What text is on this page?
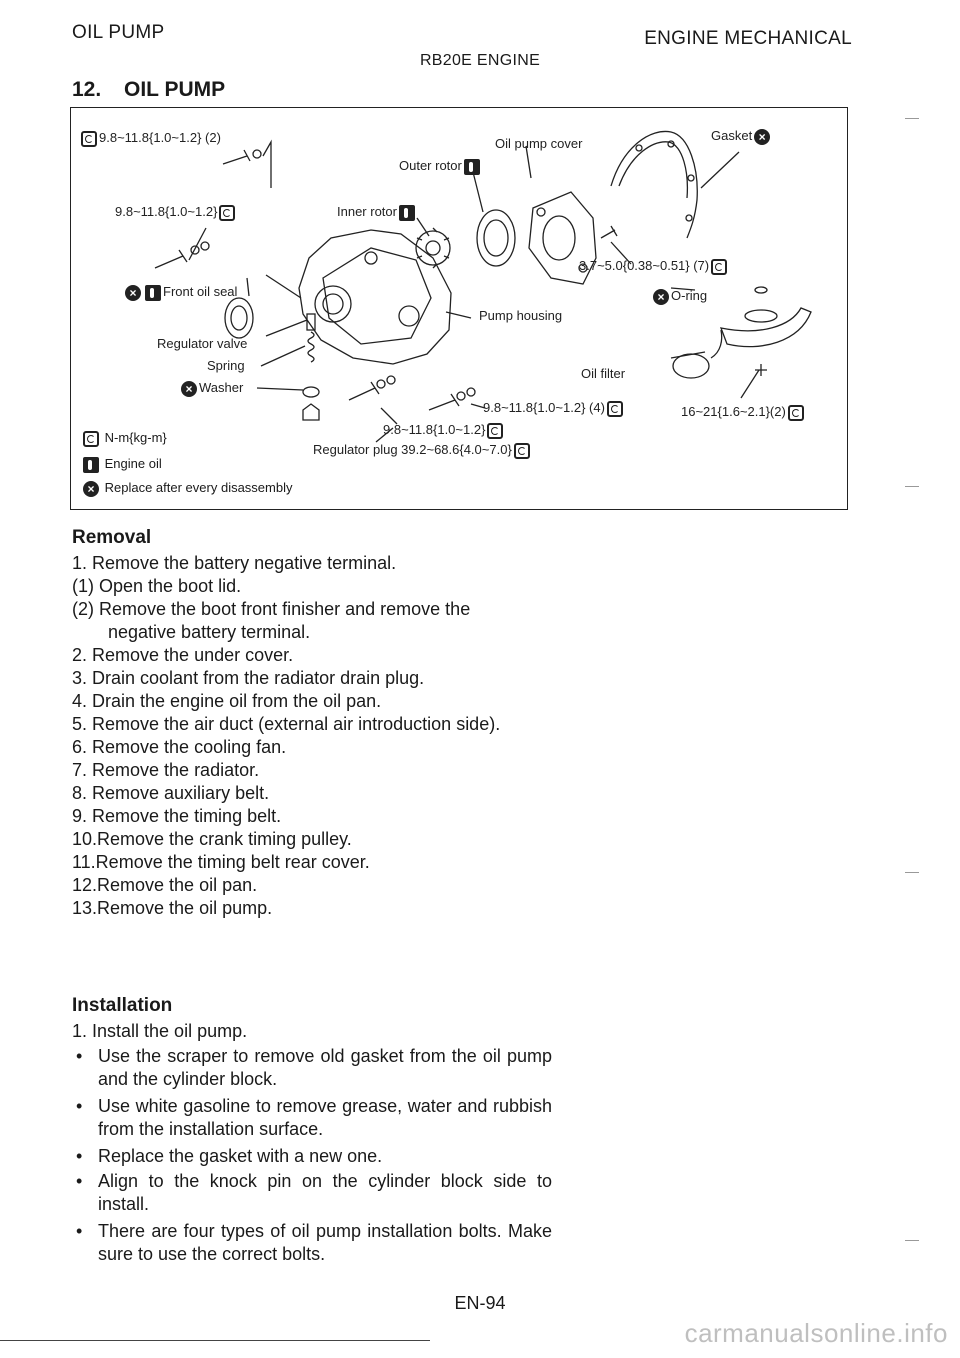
OIL PUMP	ENGINE MECHANICAL
RB20E ENGINE
12. OIL PUMP
9.8~11.8{1.0~1.2} (2)
9.8~11.8{1.0~1.2}
× Front oil seal
Regulator valve
Spring
× Washer
Inner rotor
Outer rotor
Oil pump cover
Gasket ×
3.7~5.0{0.38~0.51} (7)
× O-ring
Pump housing
Oil filter
9.8~11.8{1.0~1.2} (4)
9.8~11.8{1.0~1.2}
16~21{1.6~2.1}(2)
Regulator plug 39.2~68.6{4.0~7.0}
N-m{kg-m}
Engine oil
× Replace after every disassembly
Removal
1. Remove the battery negative terminal.
(1) Open the boot lid.
(2) Remove the boot front finisher and remove the
negative battery terminal.
2. Remove the under cover.
3. Drain coolant from the radiator drain plug.
4. Drain the engine oil from the oil pan.
5. Remove the air duct (external air introduction side).
6. Remove the cooling fan.
7. Remove the radiator.
8. Remove auxiliary belt.
9. Remove the timing belt.
10.Remove the crank timing pulley.
11.Remove the timing belt rear cover.
12.Remove the oil pan.
13.Remove the oil pump.
Installation
1. Install the oil pump.
• Use the scraper to remove old gasket from the oil pump and the cylinder block.
• Use white gasoline to remove grease, water and rubbish from the installation surface.
• Replace the gasket with a new one.
• Align to the knock pin on the cylinder block side to install.
• There are four types of oil pump installation bolts. Make sure to use the correct bolts.
EN-94
carmanualsonline.info
